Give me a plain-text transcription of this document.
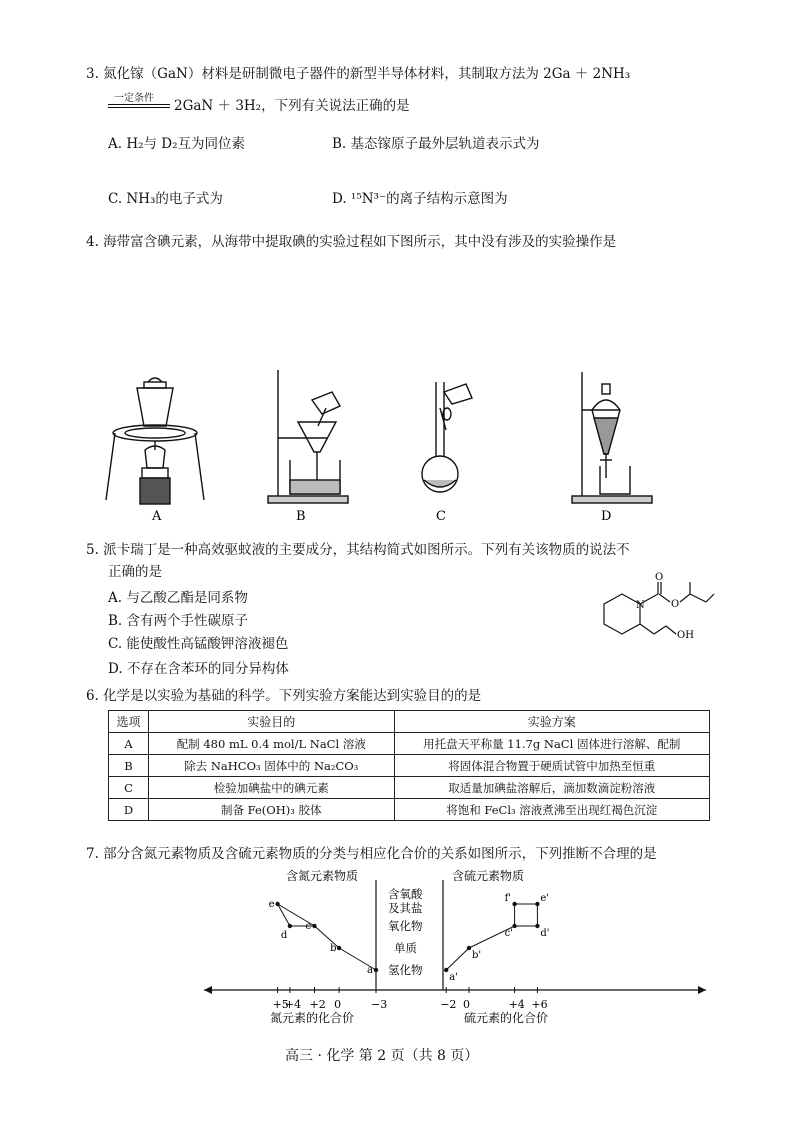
3. 氮化镓（GaN）材料是研制微电子器件的新型半导体材料，其制取方法为 2Ga ＋ 2NH₃
一定条件 2GaN ＋ 3H₂，下列有关说法正确的是
A. H₂与 D₂互为同位素	B. 基态镓原子最外层轨道表示式为
C. NH₃的电子式为	D. ¹⁵N³⁻的离子结构示意图为
4. 海带富含碘元素，从海带中提取碘的实验过程如下图所示，其中没有涉及的实验操作是
A	B	C	D
5. 派卡瑞丁是一种高效驱蚊液的主要成分，其结构简式如图所示。下列有关该物质的说法不
正确的是
A. 与乙酸乙酯是同系物
B. 含有两个手性碳原子
C. 能使酸性高锰酸钾溶液褪色
D. 不存在含苯环的同分异构体
O
N	O
OH
6. 化学是以实验为基础的科学。下列实验方案能达到实验目的的是
选项	实验目的	实验方案
A	配制 480 mL 0.4 mol/L NaCl 溶液	用托盘天平称量 11.7g NaCl 固体进行溶解、配制
B	除去 NaHCO₃ 固体中的 Na₂CO₃	将固体混合物置于硬质试管中加热至恒重
C	检验加碘盐中的碘元素	取适量加碘盐溶解后，滴加数滴淀粉溶液
D	制备 Fe(OH)₃ 胶体	将饱和 FeCl₃ 溶液煮沸至出现红褐色沉淀
7. 部分含氮元素物质及含硫元素物质的分类与相应化合价的关系如图所示，下列推断不合理的是
含氮元素物质	含硫元素物质
含氧酸
及其盐
氧化物
单质
氢化物
+5
+4 +2 0	−3	−2 0	+4 +6
氮元素的化合价	硫元素的化合价
e
d
c
b
a
a'
b'
c'	d'
e'
f'
高三 · 化学 第 2 页（共 8 页）
